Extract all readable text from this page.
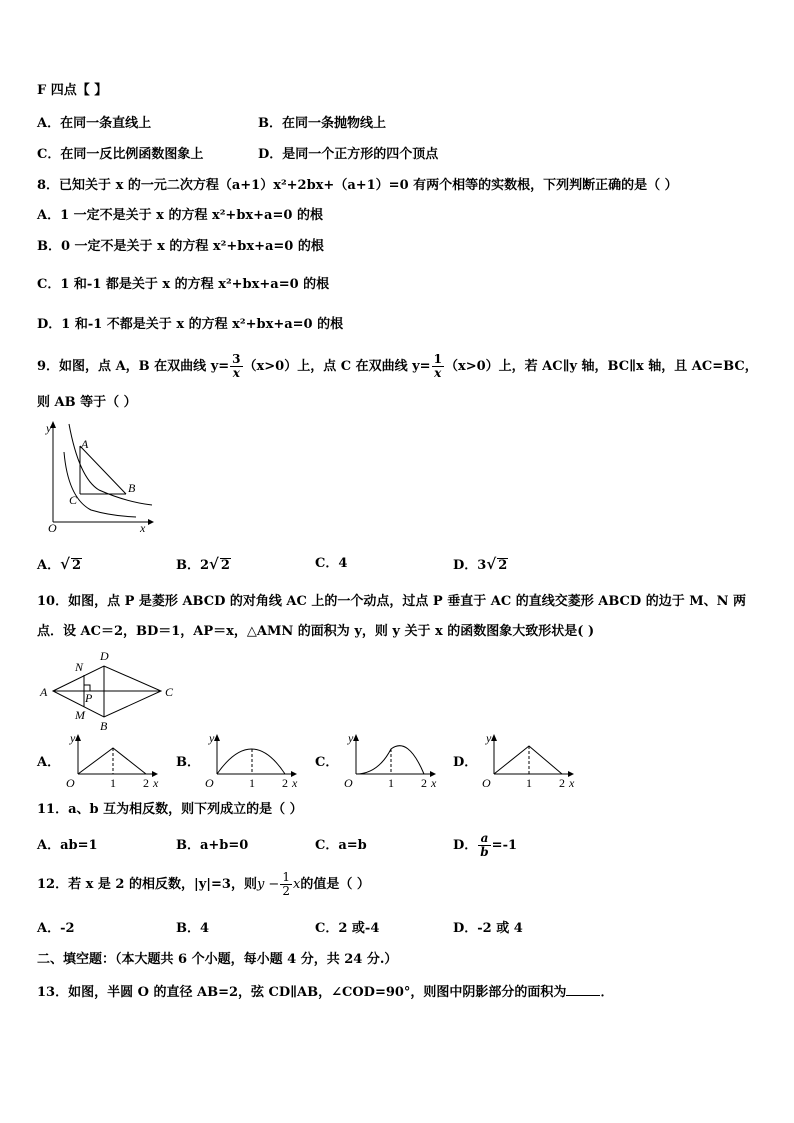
F 四点【 】
A．在同一条直线上	B．在同一条抛物线上
C．在同一反比例函数图象上	D．是同一个正方形的四个顶点
8．已知关于 x 的一元二次方程（a+1）x²+2bx+（a+1）=0 有两个相等的实数根，下列判断正确的是（ ）
A．1 一定不是关于 x 的方程 x²+bx+a=0 的根
B．0 一定不是关于 x 的方程 x²+bx+a=0 的根
C．1 和-1 都是关于 x 的方程 x²+bx+a=0 的根
D．1 和-1 不都是关于 x 的方程 x²+bx+a=0 的根
9．如图，点 A，B 在双曲线 $y= \frac{3}{x} (x>0)$上，点 C 在双曲线 $y= \frac{1}{x} (x>0)$上，若 AC∥y 轴，BC∥x 轴，且 AC=BC，
则 AB 等于（ ）
y
x
O
A
B
C
A．√ 2	B．2√ 2	C．4	D．3√ 2
10．如图，点 P 是菱形 ABCD 的对角线 AC 上的一个动点，过点 P 垂直于 AC 的直线交菱形 ABCD 的边于 M、N 两
点．设 AC＝2，BD＝1，AP＝x，△AMN 的面积为 y，则 y 关于 x 的函数图象大致形状是( )
A
D
C
B
N
P
M
A．	B．	C．	D．
y
O	1 2 x
y
O	1 2 x
y
O	1 2 x
y
O	1 2 x
11．a、b 互为相反数，则下列成立的是（ ）
A．ab=1	B．a+b=0	C．a=b	D． $\frac{a}{b} =-1$
12．若 x 是 2 的相反数，|y|=3，则$y - \frac{1}{2}$ x的值是（ ）
A．-2	B．4	C．2 或-4	D．-2 或 4
二、填空题：（本大题共 6 个小题，每小题 4 分，共 24 分.）
13．如图，半圆 O 的直径 AB=2，弦 CD∥AB，∠COD=90°，则图中阴影部分的面积为	．
